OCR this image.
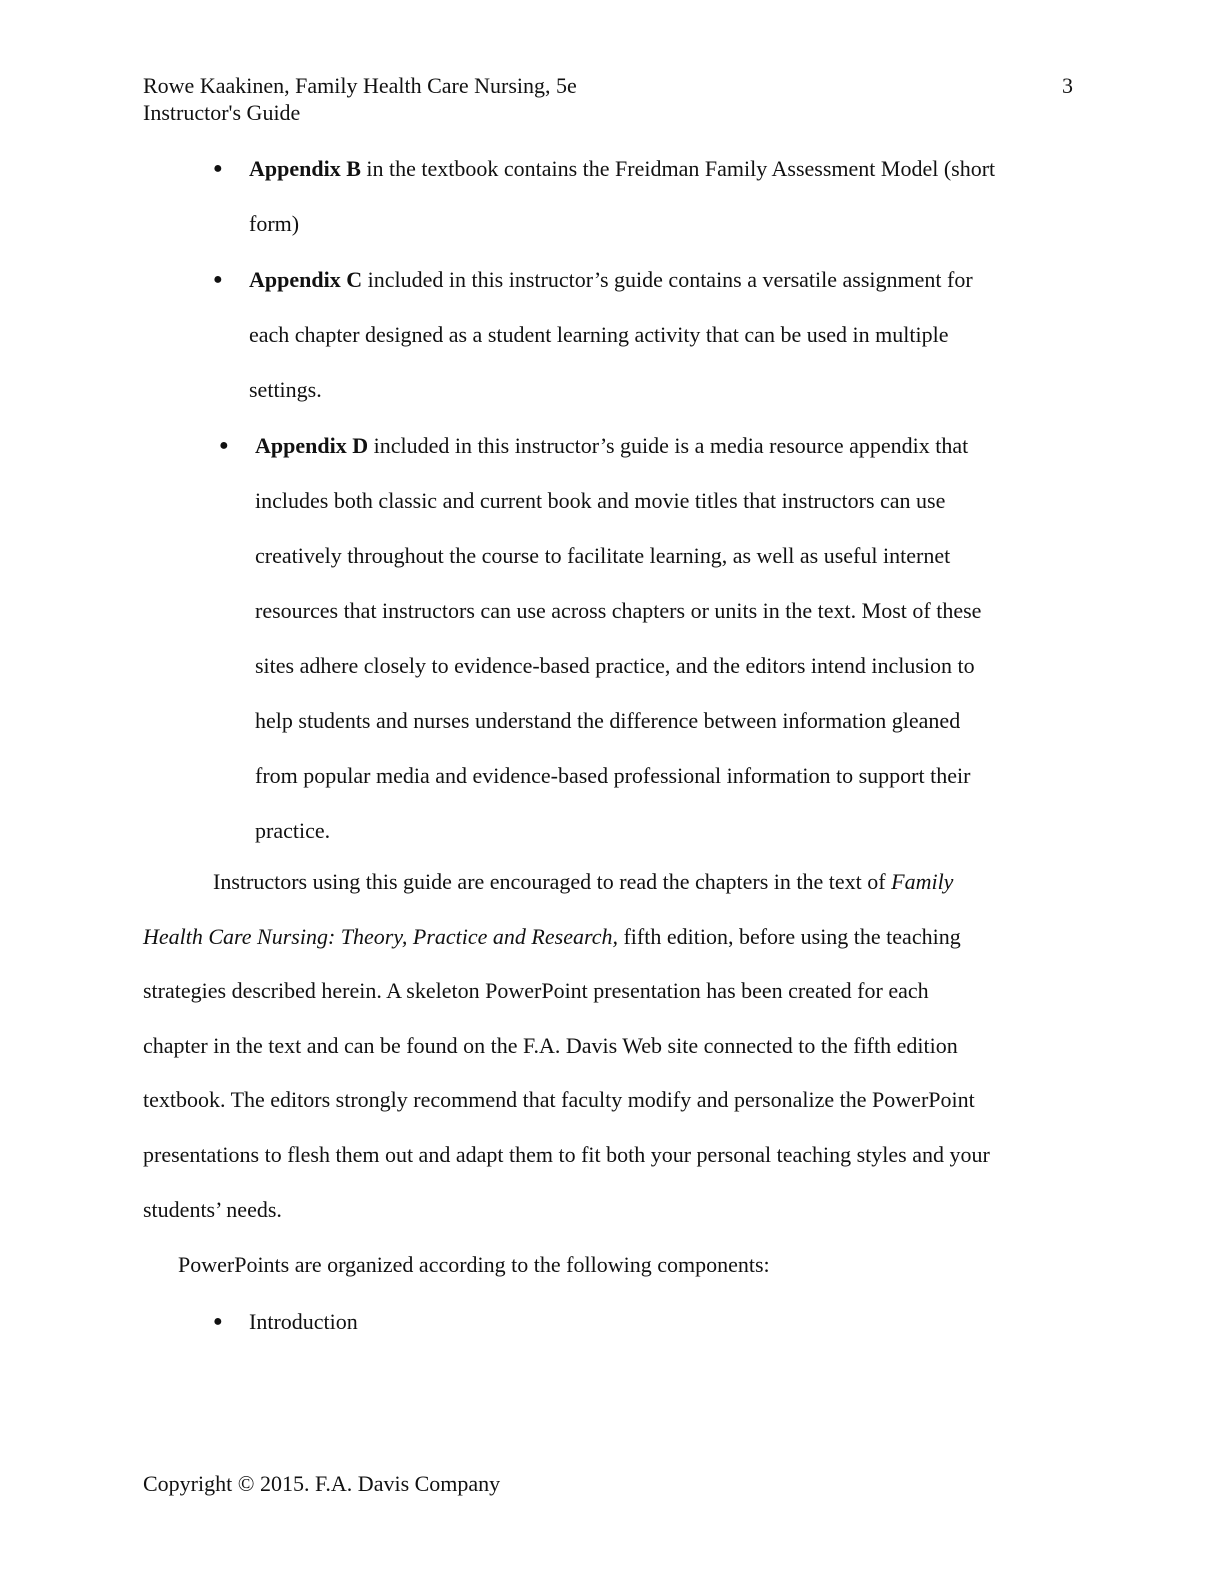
Rowe Kaakinen, Family Health Care Nursing, 5e
Instructor's Guide
3
● Appendix B in the textbook contains the Freidman Family Assessment Model (short
form)
● Appendix C included in this instructor’s guide contains a versatile assignment for
each chapter designed as a student learning activity that can be used in multiple
settings.
● Appendix D included in this instructor’s guide is a media resource appendix that
includes both classic and current book and movie titles that instructors can use
creatively throughout the course to facilitate learning, as well as useful internet
resources that instructors can use across chapters or units in the text. Most of these
sites adhere closely to evidence-based practice, and the editors intend inclusion to
help students and nurses understand the difference between information gleaned
from popular media and evidence-based professional information to support their
practice.
Instructors using this guide are encouraged to read the chapters in the text of Family
Health Care Nursing: Theory, Practice and Research, fifth edition, before using the teaching
strategies described herein. A skeleton PowerPoint presentation has been created for each
chapter in the text and can be found on the F.A. Davis Web site connected to the fifth edition
textbook. The editors strongly recommend that faculty modify and personalize the PowerPoint
presentations to flesh them out and adapt them to fit both your personal teaching styles and your
students’ needs.
PowerPoints are organized according to the following components:
● Introduction
Copyright © 2015. F.A. Davis Company
